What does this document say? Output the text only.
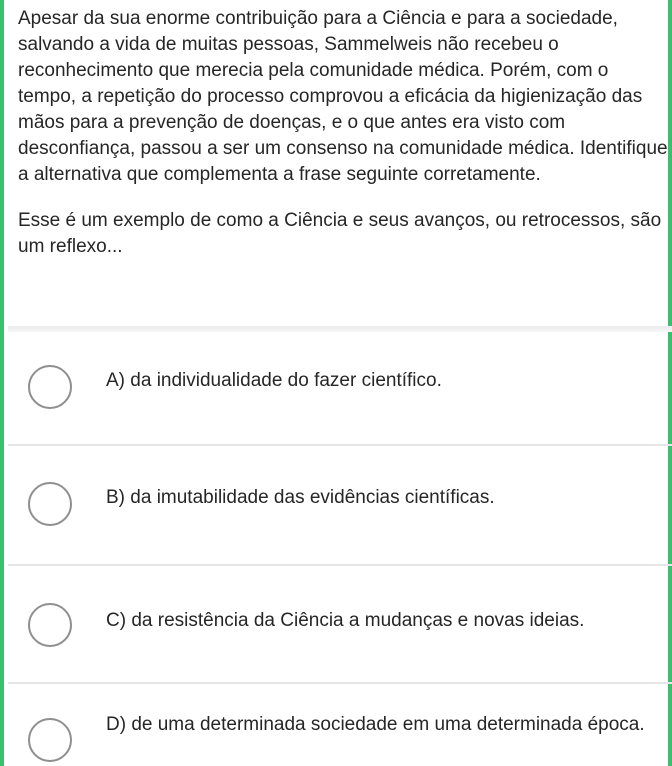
Apesar da sua enorme contribuição para a Ciência e para a sociedade, salvando a vida de muitas pessoas, Sammelweis não recebeu o reconhecimento que merecia pela comunidade médica. Porém, com o tempo, a repetição do processo comprovou a eficácia da higienização das mãos para a prevenção de doenças, e o que antes era visto com desconfiança, passou a ser um consenso na comunidade médica. Identifique a alternativa que complementa a frase seguinte corretamente.

Esse é um exemplo de como a Ciência e seus avanços, ou retrocessos, são um reflexo...

A) da individualidade do fazer científico.
B) da imutabilidade das evidências científicas.
C) da resistência da Ciência a mudanças e novas ideias.
D) de uma determinada sociedade em uma determinada época.
